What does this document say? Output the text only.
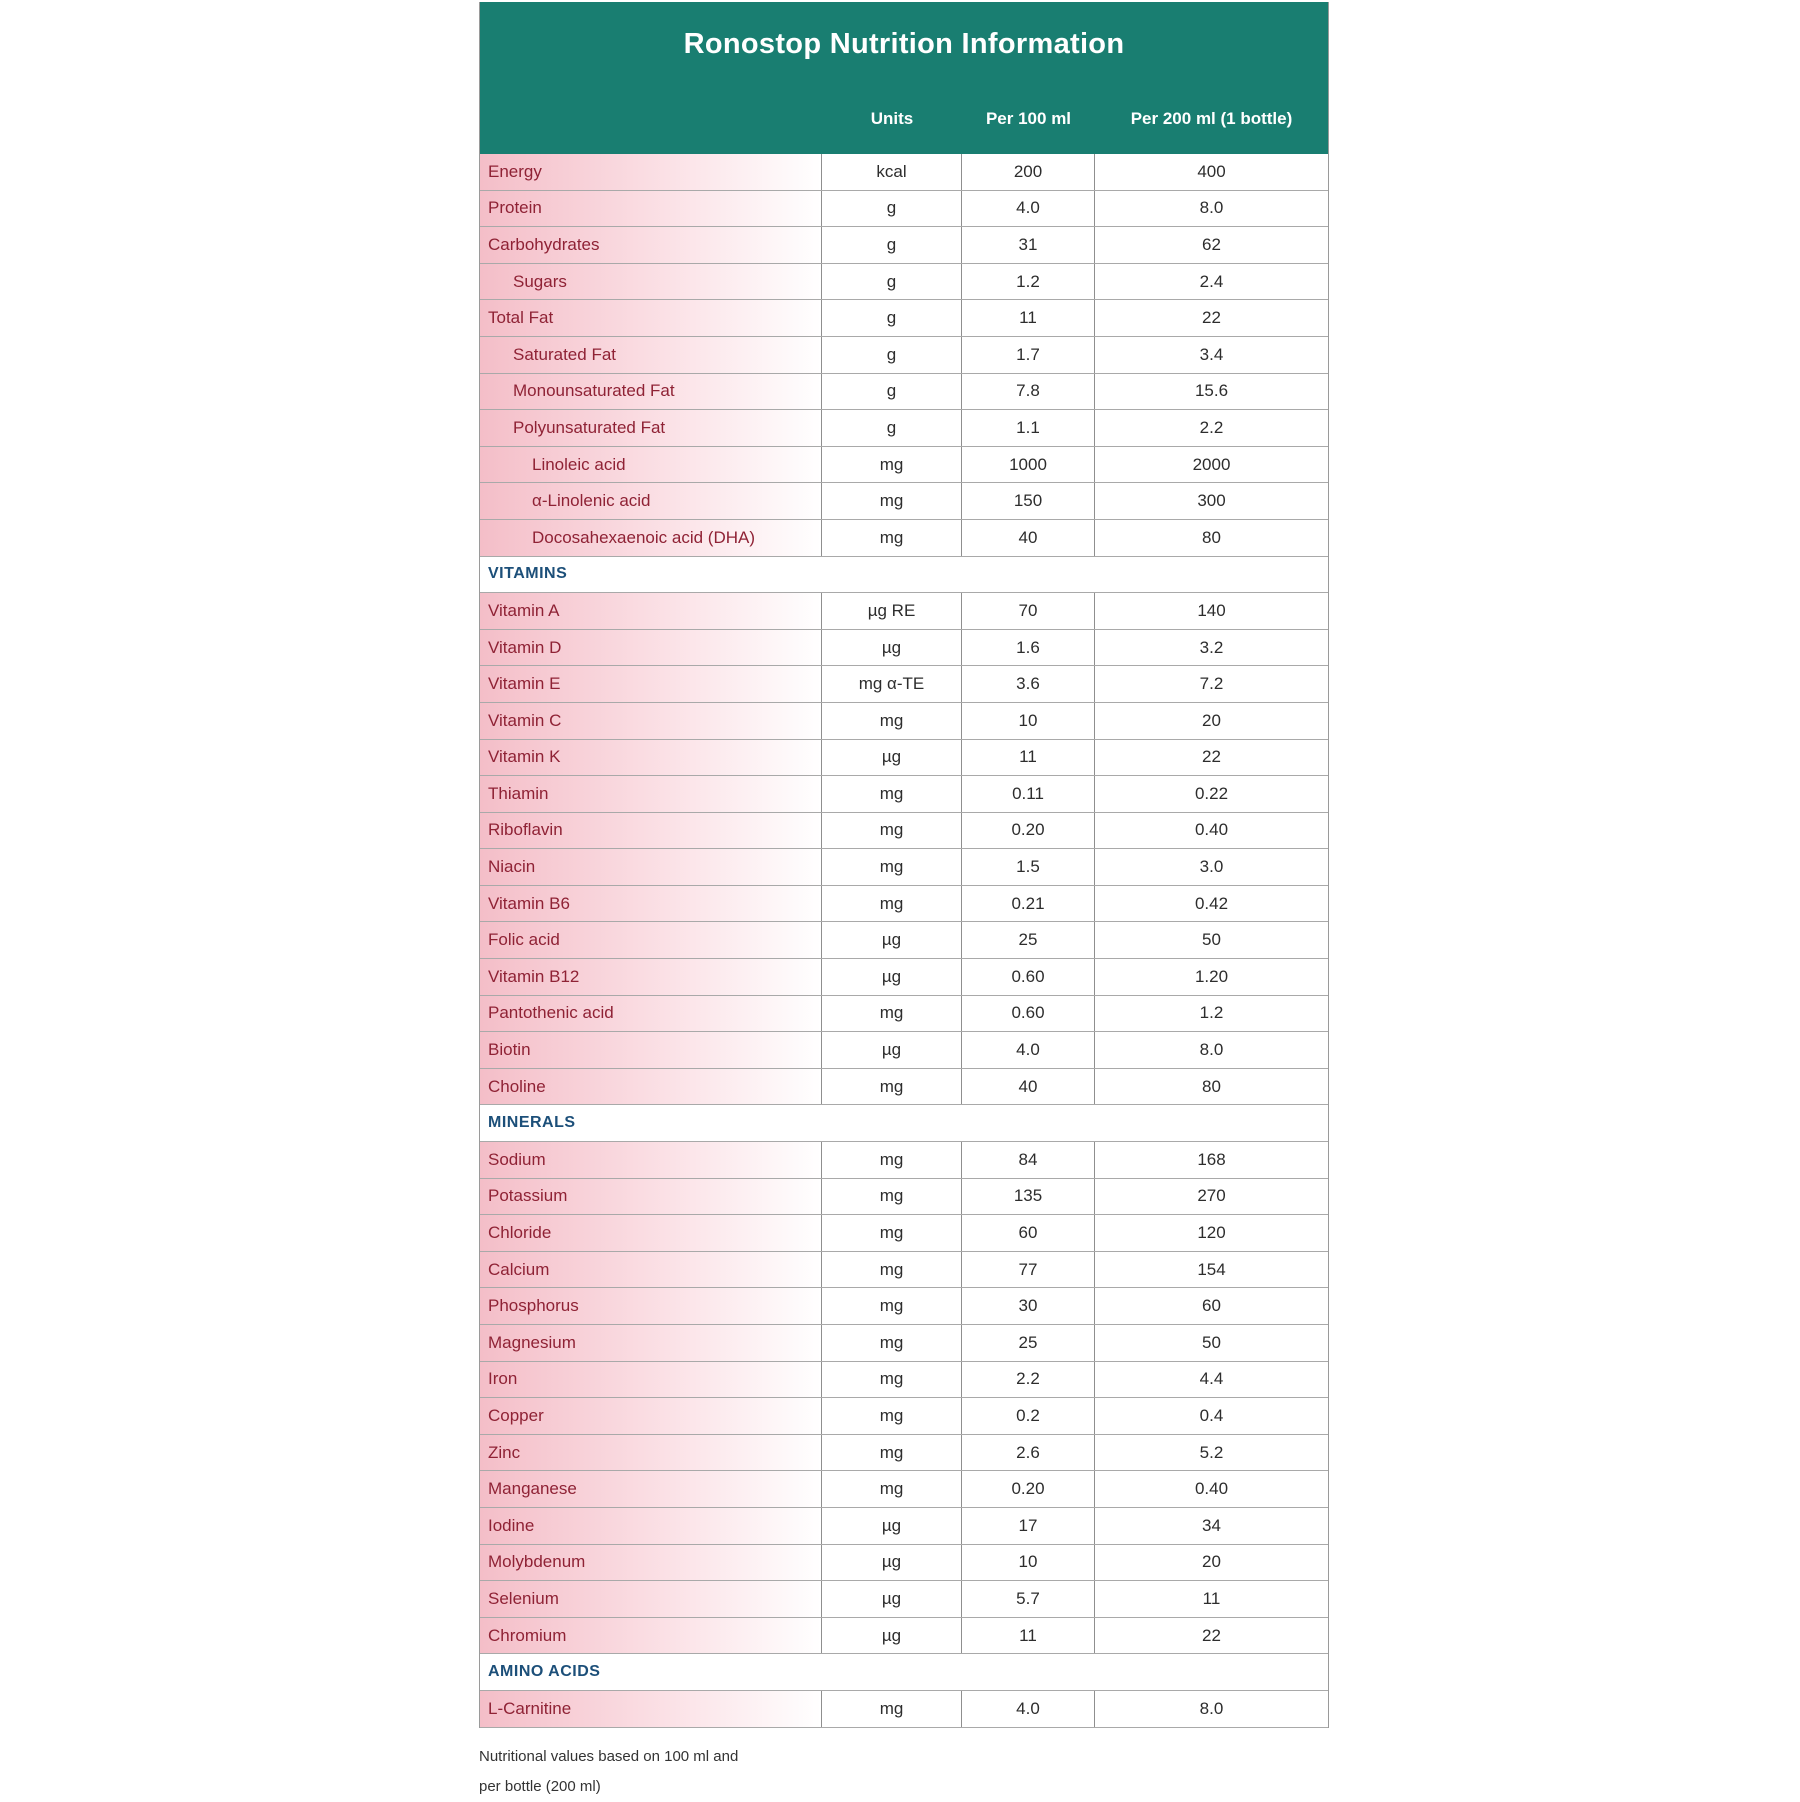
Ronostop Nutrition Information
Units	Per 100 ml	Per 200 ml (1 bottle)
Energy	kcal	200	400
Protein	g	4.0	8.0
Carbohydrates	g	31	62
Sugars	g	1.2	2.4
Total Fat	g	11	22
Saturated Fat	g	1.7	3.4
Monounsaturated Fat	g	7.8	15.6
Polyunsaturated Fat	g	1.1	2.2
Linoleic acid	mg	1000	2000
α-Linolenic acid	mg	150	300
Docosahexaenoic acid (DHA)	mg	40	80
VITAMINS
Vitamin A	µg RE	70	140
Vitamin D	µg	1.6	3.2
Vitamin E	mg α-TE	3.6	7.2
Vitamin C	mg	10	20
Vitamin K	µg	11	22
Thiamin	mg	0.11	0.22
Riboflavin	mg	0.20	0.40
Niacin	mg	1.5	3.0
Vitamin B6	mg	0.21	0.42
Folic acid	µg	25	50
Vitamin B12	µg	0.60	1.20
Pantothenic acid	mg	0.60	1.2
Biotin	µg	4.0	8.0
Choline	mg	40	80
MINERALS
Sodium	mg	84	168
Potassium	mg	135	270
Chloride	mg	60	120
Calcium	mg	77	154
Phosphorus	mg	30	60
Magnesium	mg	25	50
Iron	mg	2.2	4.4
Copper	mg	0.2	0.4
Zinc	mg	2.6	5.2
Manganese	mg	0.20	0.40
Iodine	µg	17	34
Molybdenum	µg	10	20
Selenium	µg	5.7	11
Chromium	µg	11	22
AMINO ACIDS
L-Carnitine	mg	4.0	8.0
Nutritional values based on 100 ml and
per bottle (200 ml)
